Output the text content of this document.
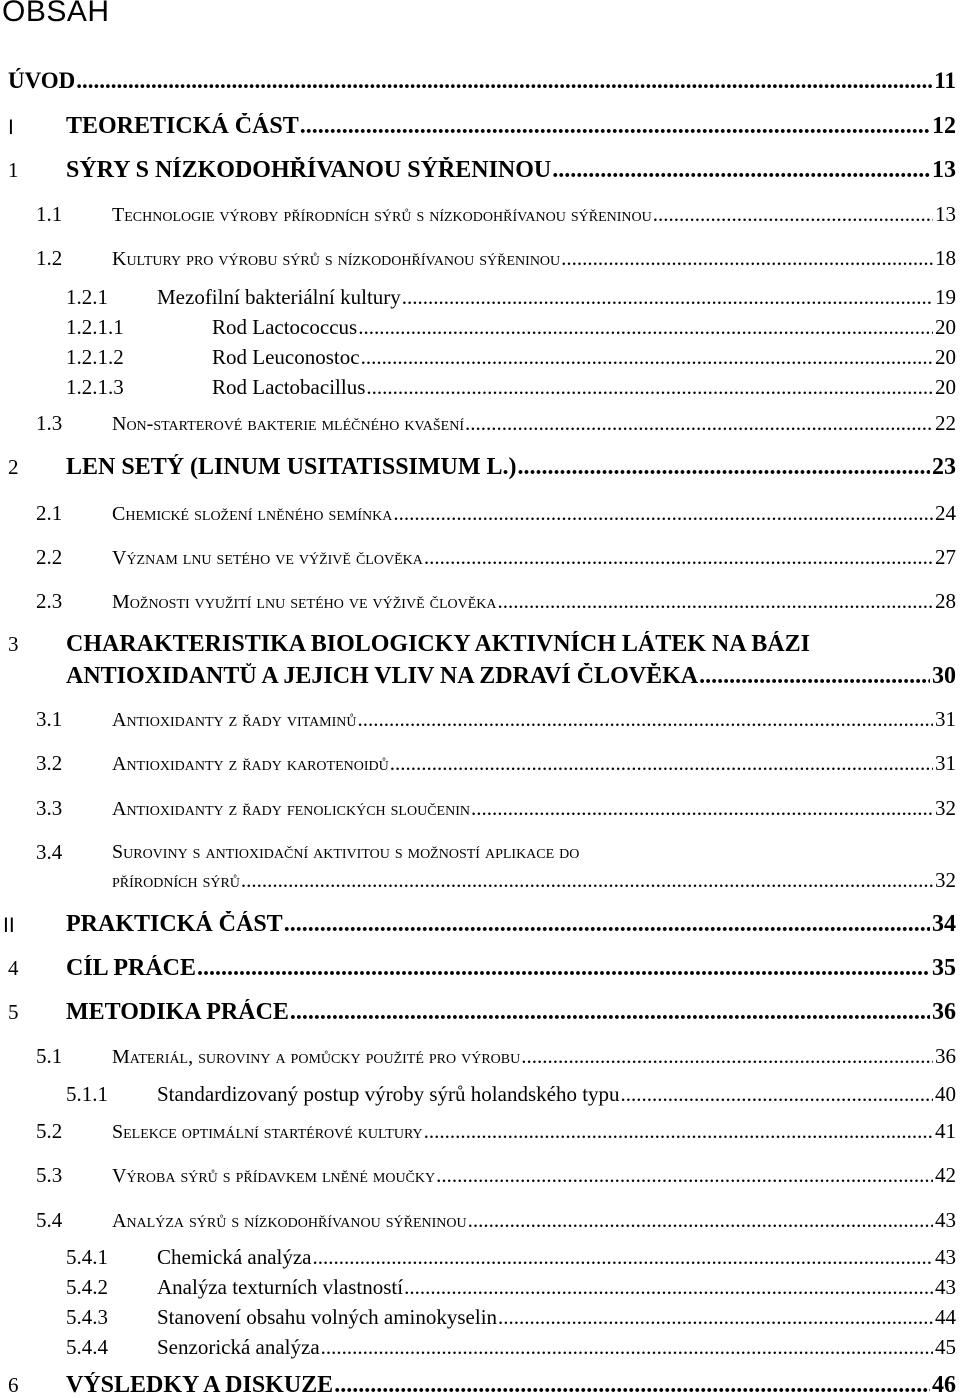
OBSAH
ÚVOD .....	11
I TEORETICKÁ ČÁST .....	12
1 SÝRY S NÍZKODOHŘÍVANOU SÝŘENINOU .....	13
1.1 Technologie výroby přírodních sýrů s nízkodohřívanou sýřeninou .....	13
1.2 Kultury pro výrobu sýrů s nízkodohřívanou sýřeninou .....	18
1.2.1 Mezofilní bakteriální kultury .....	19
1.2.1.1	Rod Lactococcus .....	20
1.2.1.2	Rod Leuconostoc .....	20
1.2.1.3	Rod Lactobacillus .....	20
1.3 Non-starterové bakterie mléčného kvašení .....	22
2 LEN SETÝ (LINUM USITATISSIMUM L.) .....	23
2.1 Chemické složení lněného semínka .....	24
2.2 Význam lnu setého ve výživě člověka .....	27
2.3 Možnosti využití lnu setého ve výživě člověka .....	28
3 CHARAKTERISTIKA BIOLOGICKY AKTIVNÍCH LÁTEK NA BÁZI
ANTIOXIDANTŮ A JEJICH VLIV NA ZDRAVÍ ČLOVĚKA .....	30
3.1 Antioxidanty z řady vitaminů .....	31
3.2 Antioxidanty z řady karotenoidů .....	31
3.3 Antioxidanty z řady fenolických sloučenin .....	32
3.4 Suroviny s antioxidační aktivitou s možností aplikace do
přírodních sýrů .....	32
II PRAKTICKÁ ČÁST .....	34
4 CÍL PRÁCE .....	35
5 METODIKA PRÁCE .....	36
5.1 Materiál, suroviny a pomůcky použité pro výrobu .....	36
5.1.1 Standardizovaný postup výroby sýrů holandského typu .....	40
5.2 Selekce optimální startérové kultury .....	41
5.3 Výroba sýrů s přídavkem lněné moučky .....	42
5.4 Analýza sýrů s nízkodohřívanou sýřeninou .....	43
5.4.1 Chemická analýza .....	43
5.4.2 Analýza texturních vlastností .....	43
5.4.3 Stanovení obsahu volných aminokyselin .....	44
5.4.4 Senzorická analýza .....	45
6 VÝSLEDKY A DISKUZE .....	46
